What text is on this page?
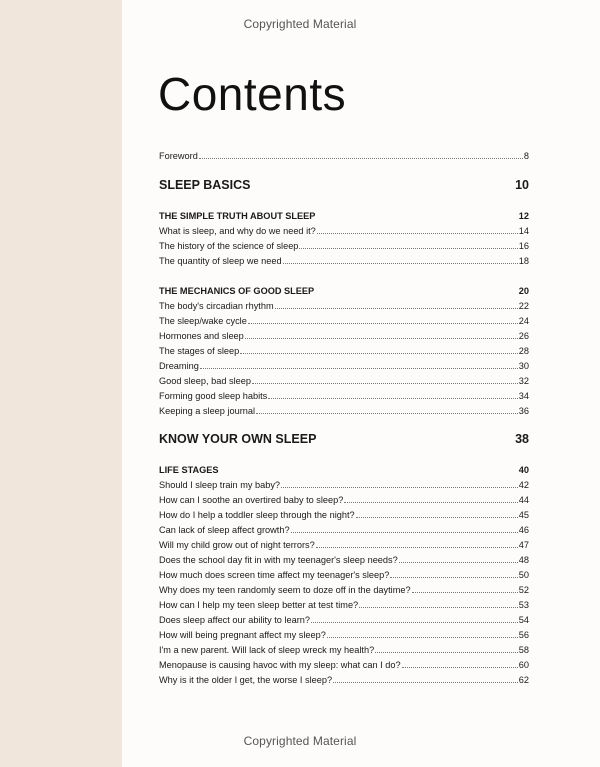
Copyrighted Material
Contents
Foreword	8
SLEEP BASICS	10
THE SIMPLE TRUTH ABOUT SLEEP	12
What is sleep, and why do we need it?	14
The history of the science of sleep	16
The quantity of sleep we need	18
THE MECHANICS OF GOOD SLEEP	20
The body's circadian rhythm	22
The sleep/wake cycle	24
Hormones and sleep	26
The stages of sleep	28
Dreaming	30
Good sleep, bad sleep	32
Forming good sleep habits	34
Keeping a sleep journal	36
KNOW YOUR OWN SLEEP	38
LIFE STAGES	40
Should I sleep train my baby?	42
How can I soothe an overtired baby to sleep?	44
How do I help a toddler sleep through the night?	45
Can lack of sleep affect growth?	46
Will my child grow out of night terrors?	47
Does the school day fit in with my teenager's sleep needs?	48
How much does screen time affect my teenager's sleep?	50
Why does my teen randomly seem to doze off in the daytime?	52
How can I help my teen sleep better at test time?	53
Does sleep affect our ability to learn?	54
How will being pregnant affect my sleep?	56
I'm a new parent. Will lack of sleep wreck my health?	58
Menopause is causing havoc with my sleep: what can I do?	60
Why is it the older I get, the worse I sleep?	62
Copyrighted Material
